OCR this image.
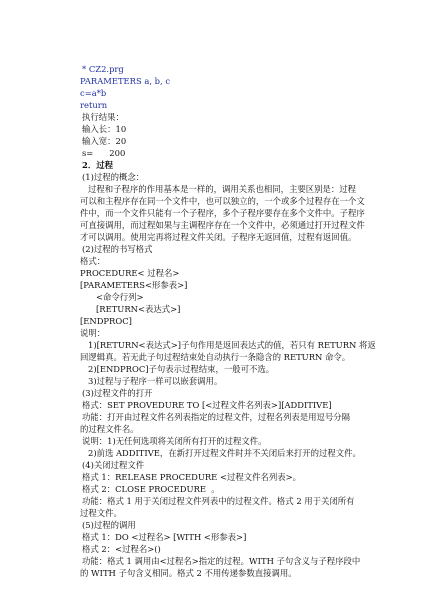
* CZ2.prg
PARAMETERS a, b, c
c=a*b
return
执行结果：
输入长：10
输入宽：20
s=      200
2．过程
(1)过程的概念：
过程和子程序的作用基本是一样的，调用关系也相同，主要区别是：过程
可以和主程序存在同一个文件中，也可以独立的，一个或多个过程存在一个文
件中，而一个文件只能有一个子程序，多个子程序要存在多个文件中。子程序
可直接调用，而过程如果与主调程序存在一个文件中，必须通过打开过程文件
才可以调用。使用完再将过程文件关闭。子程序无返回值，过程有返回值。
(2)过程的书写格式
格式：
PROCEDURE< 过程名>
[PARAMETERS<形参表>]
<命令行列>
[RETURN<表达式>]
[ENDPROC]
说明：
1)[RETURN<表达式>]子句作用是返回表达式的值，若只有 RETURN 将返
回逻辑真。若无此子句过程结束处自动执行一条隐含的 RETURN 命令。
2)[ENDPROC]子句表示过程结束，一般可不选。
3)过程与子程序一样可以嵌套调用。
(3)过程文件的打开
格式：SET PROVEDURE TO [<过程文件名列表>][ADDITIVE]
功能：打开由过程文件名列表指定的过程文件，过程名列表是用逗号分隔
的过程文件名。
说明：1)无任何选项将关闭所有打开的过程文件。
2)前选 ADDITIVE，在新打开过程文件时并不关闭后来打开的过程文件。
(4)关闭过程文件
格式 1：RELEASE PROCEDURE <过程文件名列表>。
格式 2：CLOSE PROCEDURE  。
功能：格式 1 用于关闭过程文件列表中的过程文件。格式 2 用于关闭所有
过程文件。
(5)过程的调用
格式 1：DO <过程名> [WITH <形参表>]
格式 2：<过程名>()
功能：格式 1 调用由<过程名>指定的过程。WITH 子句含义与子程序段中
的 WITH 子句含义相同。格式 2 不用传递参数直接调用。
